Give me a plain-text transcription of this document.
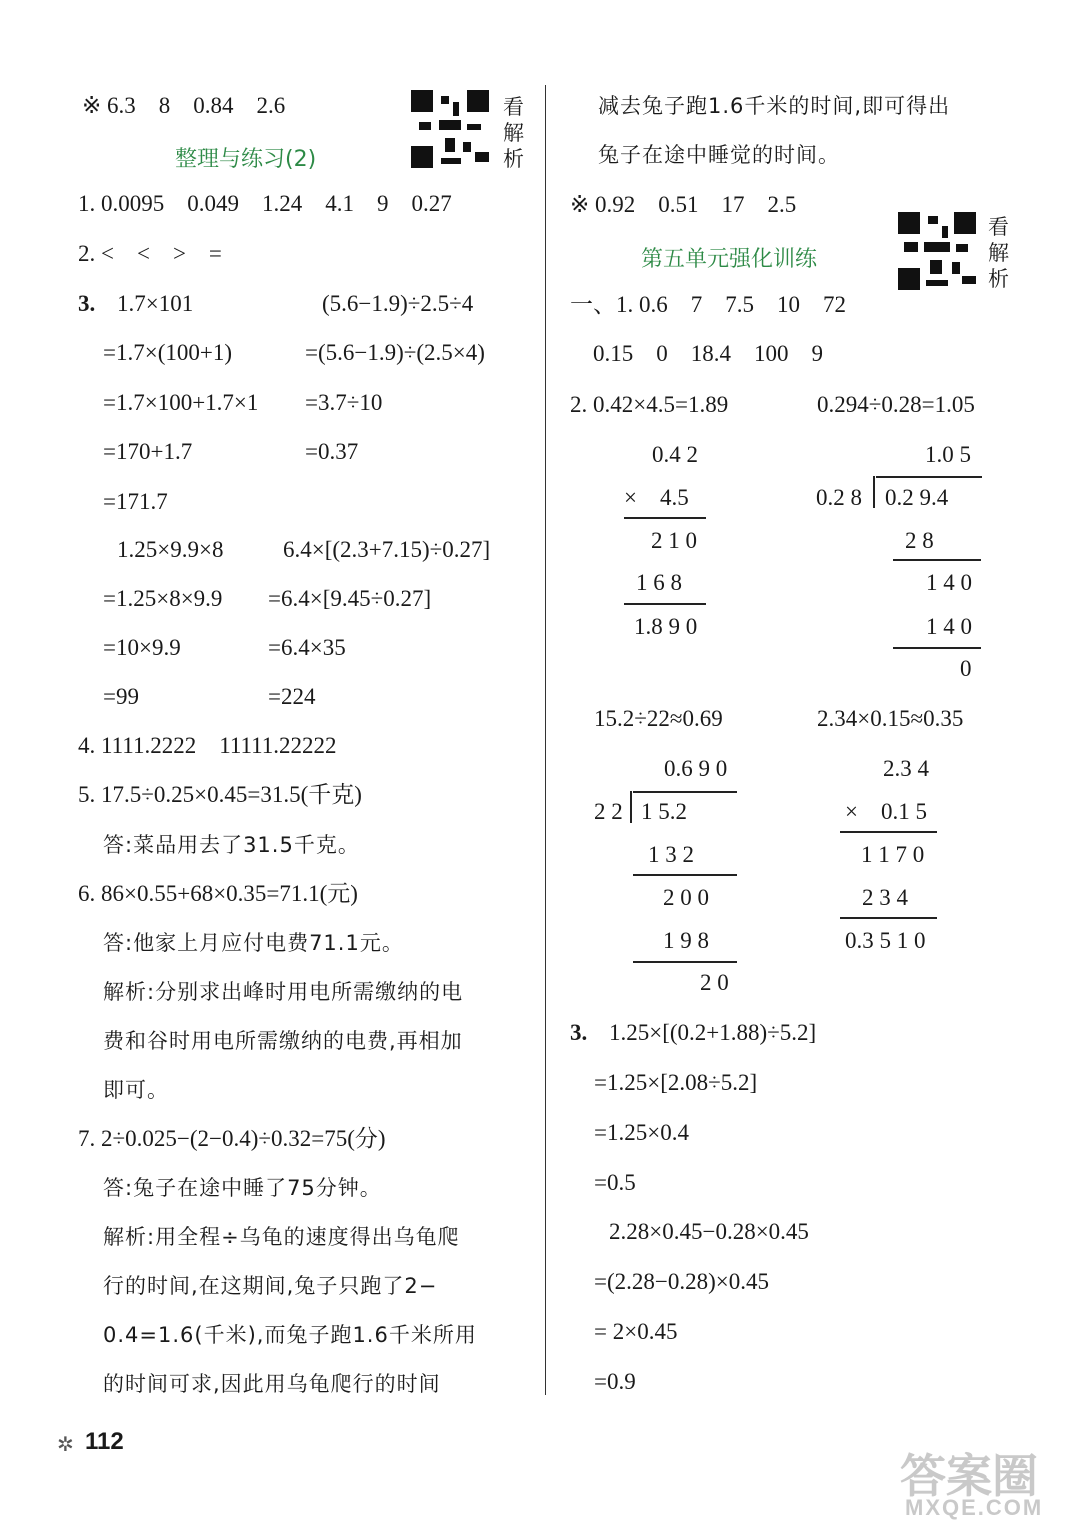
※ 6.3　8　0.84　2.6	看解析
整理与练习(2)
1. 0.0095　0.049　1.24　4.1　9　0.27
2. <　<　>　=
3. 1.7×101
=1.7×(100+1)
=1.7×100+1.7×1
=170+1.7
=171.7
(5.6−1.9)÷2.5÷4
=(5.6−1.9)÷(2.5×4)
=3.7÷10
=0.37
1.25×9.9×8
=1.25×8×9.9
=10×9.9
=99
6.4×[(2.3+7.15)÷0.27]
=6.4×[9.45÷0.27]
=6.4×35
=224
4. 1111.2222　11111.22222
5. 17.5÷0.25×0.45=31.5(千克)
答:菜品用去了31.5千克。
6. 86×0.55+68×0.35=71.1(元)
答:他家上月应付电费71.1元。
解析:分别求出峰时用电所需缴纳的电
费和谷时用电所需缴纳的电费,再相加
即可。
7. 2÷0.025−(2−0.4)÷0.32=75(分)
答:兔子在途中睡了75分钟。
解析:用全程÷乌龟的速度得出乌龟爬
行的时间,在这期间,兔子只跑了2−
0.4=1.6(千米),而兔子跑1.6千米所用
的时间可求,因此用乌龟爬行的时间
减去兔子跑1.6千米的时间,即可得出
兔子在途中睡觉的时间。
※ 0.92　0.51　17　2.5
看解析
第五单元强化训练
一、1. 0.6　7　7.5　10　72
0.15　0　18.4　100　9
2. 0.42×4.5=1.89	0.294÷0.28=1.05
0.4 2
×　4.5
2 1 0
1 6 8
1.8 9 0
1.0 5
0.2 8 0.2 9.4
2 8
1 4 0
1 4 0
0
15.2÷22≈0.69	2.34×0.15≈0.35
0.6 9 0
2 2 1 5.2
1 3 2
2 0 0
1 9 8
2 0
2.3 4
×　0.1 5
1 1 7 0
2 3 4
0.3 5 1 0
3. 1.25×[(0.2+1.88)÷5.2]
=1.25×[2.08÷5.2]
=1.25×0.4
=0.5
2.28×0.45−0.28×0.45
=(2.28−0.28)×0.45
= 2×0.45
=0.9
✲ 112
答案圈
MXQE.COM
